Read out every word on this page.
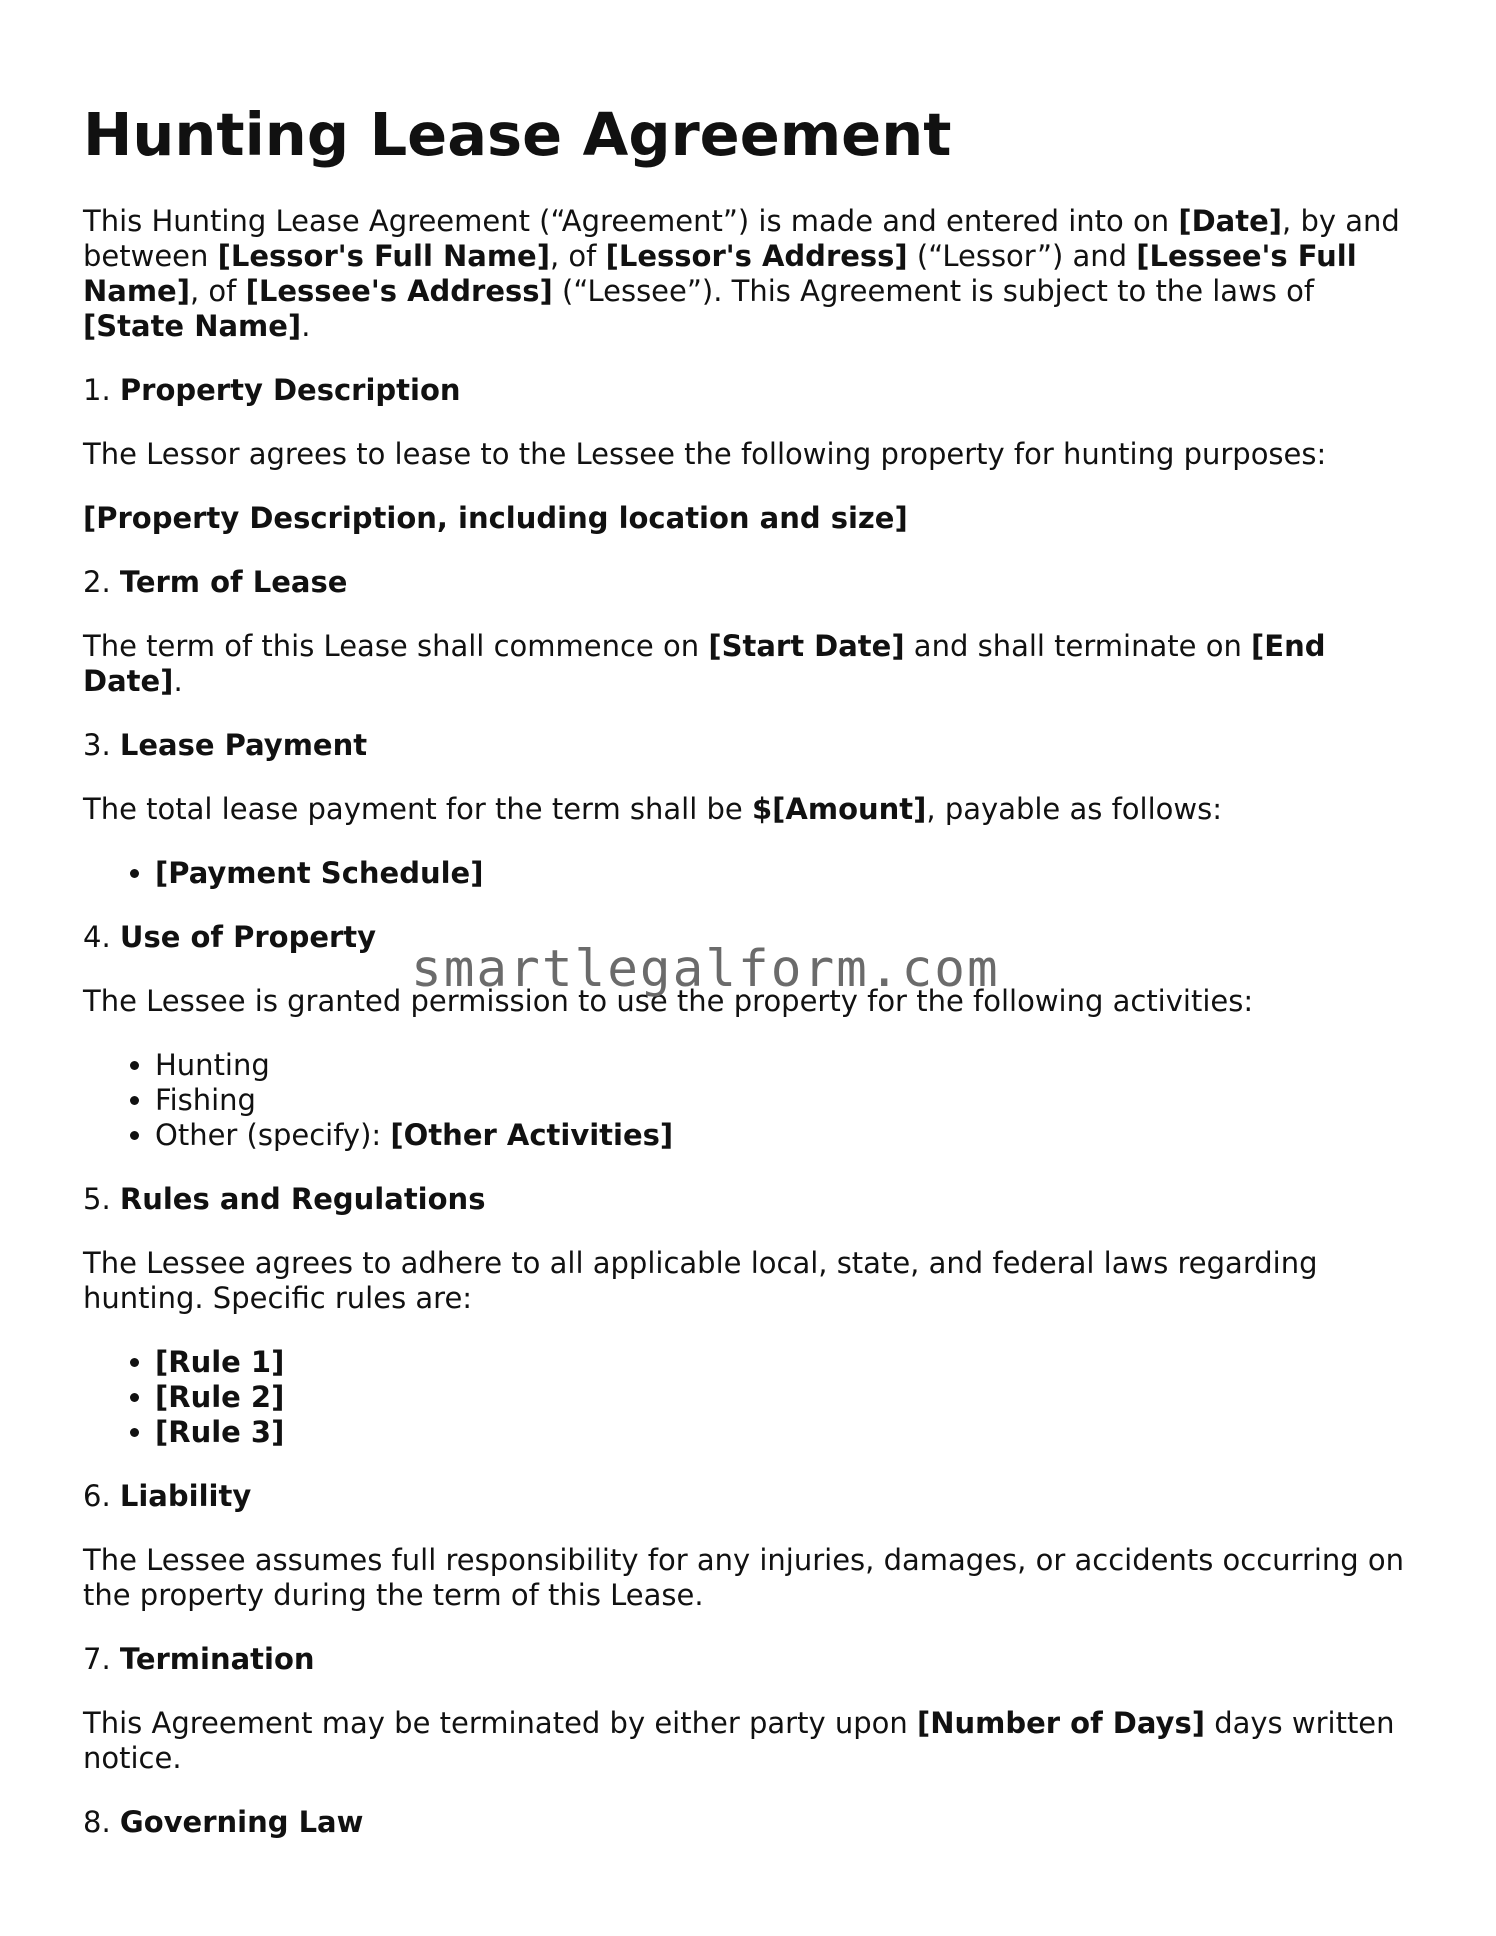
Hunting Lease Agreement

This Hunting Lease Agreement (“Agreement”) is made and entered into on [Date], by and between [Lessor's Full Name], of [Lessor's Address] (“Lessor”) and [Lessee's Full Name], of [Lessee's Address] (“Lessee”). This Agreement is subject to the laws of [State Name].

1. Property Description

The Lessor agrees to lease to the Lessee the following property for hunting purposes:

[Property Description, including location and size]

2. Term of Lease

The term of this Lease shall commence on [Start Date] and shall terminate on [End Date].

3. Lease Payment

The total lease payment for the term shall be $[Amount], payable as follows:

• [Payment Schedule]
4. Use of Property

The Lessee is granted permission to use the property for the following activities:

• Hunting
• Fishing
• Other (specify): [Other Activities]
5. Rules and Regulations

The Lessee agrees to adhere to all applicable local, state, and federal laws regarding hunting. Specific rules are:

• [Rule 1]
• [Rule 2]
• [Rule 3]
6. Liability

The Lessee assumes full responsibility for any injuries, damages, or accidents occurring on the property during the term of this Lease.

7. Termination

This Agreement may be terminated by either party upon [Number of Days] days written notice.

8. Governing Law
smartlegalform.com
